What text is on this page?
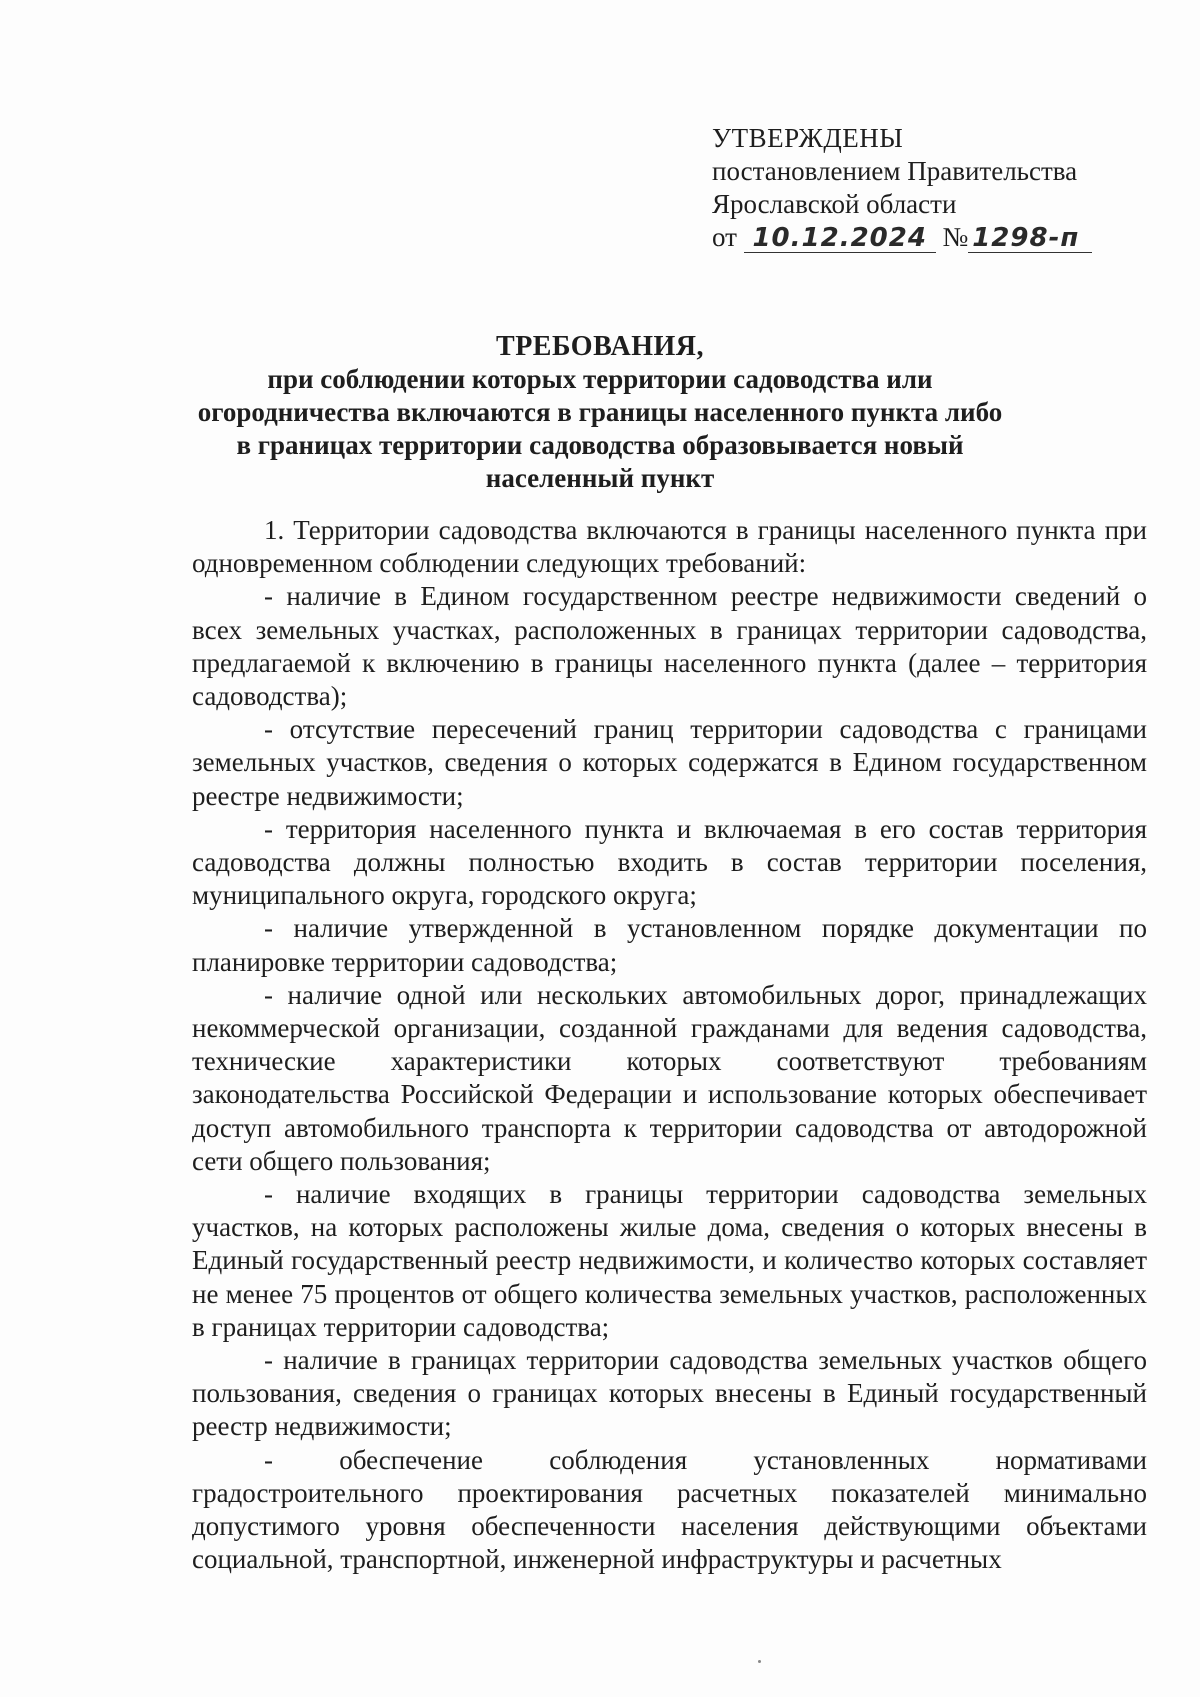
УТВЕРЖДЕНЫ
постановлением Правительства
Ярославской области
от 10.12.2024 № 1298-п
ТРЕБОВАНИЯ,
при соблюдении которых территории садоводства или огородничества включаются в границы населенного пункта либо в границах территории садоводства образовывается новый населенный пункт

1. Территории садоводства включаются в границы населенного пункта при одновременном соблюдении следующих требований:

- наличие в Едином государственном реестре недвижимости сведений о всех земельных участках, расположенных в границах территории садоводства, предлагаемой к включению в границы населенного пункта (далее – территория садоводства);

- отсутствие пересечений границ территории садоводства с границами земельных участков, сведения о которых содержатся в Едином государственном реестре недвижимости;

- территория населенного пункта и включаемая в его состав территория садоводства должны полностью входить в состав территории поселения, муниципального округа, городского округа;

- наличие утвержденной в установленном порядке документации по планировке территории садоводства;

- наличие одной или нескольких автомобильных дорог, принадлежащих некоммерческой организации, созданной гражданами для ведения садоводства, технические характеристики которых соответствуют требованиям законодательства Российской Федерации и использование которых обеспечивает доступ автомобильного транспорта к территории садоводства от автодорожной сети общего пользования;

- наличие входящих в границы территории садоводства земельных участков, на которых расположены жилые дома, сведения о которых внесены в Единый государственный реестр недвижимости, и количество которых составляет не менее 75 процентов от общего количества земельных участков, расположенных в границах территории садоводства;

- наличие в границах территории садоводства земельных участков общего пользования, сведения о границах которых внесены в Единый государственный реестр недвижимости;

- обеспечение соблюдения установленных нормативами градостроительного проектирования расчетных показателей минимально допустимого уровня обеспеченности населения действующими объектами социальной, транспортной, инженерной инфраструктуры и расчетных
